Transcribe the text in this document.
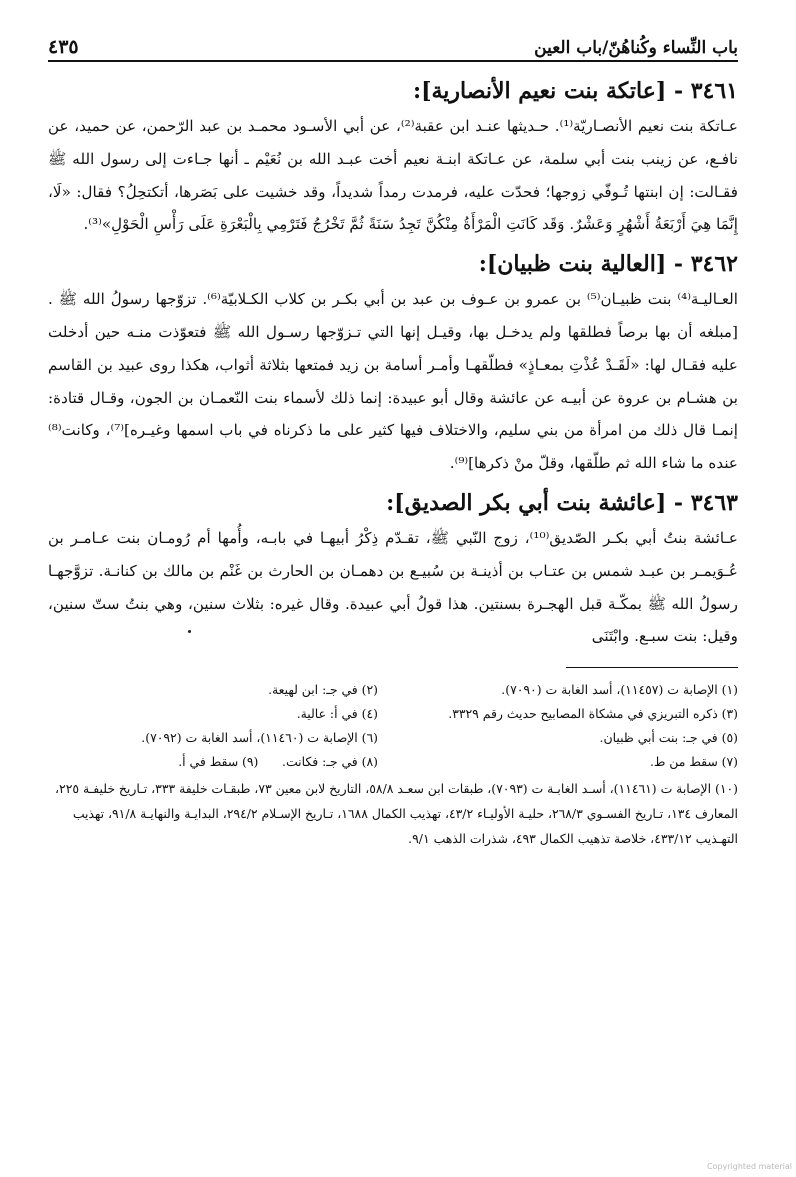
باب النِّساء وكُناهُنّ/باب العين
٤٣٥
٣٤٦١ - [عاتكة بنت نعيم الأنصارية]:

عـاتكة بنت نعيم الأنصـاريّة⁽¹⁾. حـديثها عنـد ابن عقبة⁽²⁾، عن أبي الأسـود محمـد بن عبد الرّحمن، عن حميد، عن نافـع، عن زينب بنت أبي سلمة، عن عـاتكة ابنـة نعيم أخت عبـد الله بن نُعَيْم ـ أنها جـاءت إلى رسول الله ﷺ فقـالت: إن ابنتها تُـوفّي زوجها؛ فحدّت عليه، فرمدت رمداً شديداً، وقد خشيت على بَصَرها، أتكتحِلُ؟ فقال: «لَا، إِنَّمَا هِيَ أَرْبَعَةُ أَشْهُرٍ وَعَشْرٌ. وَقَد كَانَتِ الْمَرْأَةُ مِنْكُنَّ تَجِدُ سَنَةً ثُمَّ تَخْرُجُ فَتَرْمِي بِالْبَعْرَةِ عَلَى رَأْسِ الْحَوْلِ»⁽³⁾.

٣٤٦٢ - [العالية بنت ظبيان]:

العـاليـة⁽⁴⁾ بنت ظبيـان⁽⁵⁾ بن عمرو بن عـوف بن عبد بن أبي بكـر بن كلاب الكـلابيّة⁽⁶⁾. تزوّجها رسولُ الله ﷺ . [مبلغه أن بها برصاً فطلقها ولم يدخـل بها، وقيـل إنها التي تـزوّجها رسـول الله ﷺ فتعوّذت منـه حين أدخلت عليه فقـال لها: «لَقَـدْ عُذْتِ بمعـاذٍ» فطلّقهـا وأمـر أسامة بن زيد فمتعها بثلاثة أثواب، هكذا روى عبيد بن القاسم بن هشـام بن عروة عن أبيـه عن عائشة وقال أبو عبيدة: إنما ذلك لأسماء بنت النّعمـان بن الجون، وقـال قتادة: إنمـا قال ذلك من امرأة من بني سليم، والاختلاف فيها كثير على ما ذكرناه في باب اسمها وغيـره]⁽⁷⁾، وكانت⁽⁸⁾ عنده ما شاء الله ثم طلّقها، وقلّ منْ ذكرها]⁽⁹⁾.

٣٤٦٣ - [عائشة بنت أبي بكر الصديق]:

عـائشة بنتُ أبي بكـر الصّديق⁽¹⁰⁾، زوج النّبي ﷺ، تقـدّم ذِكْرُ أبيهـا في بابـه، وأُمها أم رُومـان بنت عـامـر بن عُـوَيمـر بن عبـد شمس بن عتـاب بن أذينـة بن سُبيـع بن دهمـان بن الحارث بن غَنْم بن مالك بن كنانـة. تزوَّجهـا رسولُ الله ﷺ بمكّـة قبل الهجـرة بسنتين. هذا قولُ أبي عبيدة. وقال غيره: بثلاث سنين، وهي بنتُ ستّ سنين، وقيل: بنت سبـع. وابْتَنَى

(١) الإصابة ت (١١٤٥٧)، أسد الغابة ت (٧٠٩٠).
(٢) في جـ: ابن لهيعة.
(٣) ذكره التبريزي في مشكاة المصابيح حديث رقم ٣٣٢٩.
(٤) في أ: عالية.
(٥) في جـ: بنت أبي ظبيان.
(٦) الإصابة ت (١١٤٦٠)، أسد الغابة ت (٧٠٩٢).
(٧) سقط من ط.
(٨) في جـ: فكانت.      (٩) سقط في أ.
(١٠) الإصابة ت (١١٤٦١)، أسـد الغابـة ت (٧٠٩٣)، طبقات ابن سعـد ٥٨/٨، التاريخ لابن معين ٧٣، طبقـات خليفة ٣٣٣، تـاريخ خليفـة ٢٢٥، المعارف ١٣٤، تـاريخ الفسـوي ٢٦٨/٣، حليـة الأوليـاء ٤٣/٢، تهذيب الكمال ١٦٨٨، تـاريخ الإسـلام ٢٩٤/٢، البدايـة والنهايـة ٩١/٨، تهذيب التهـذيب ٤٣٣/١٢، خلاصة تذهيب الكمال ٤٩٣، شذرات الذهب ٩/١.
Copyrighted material
